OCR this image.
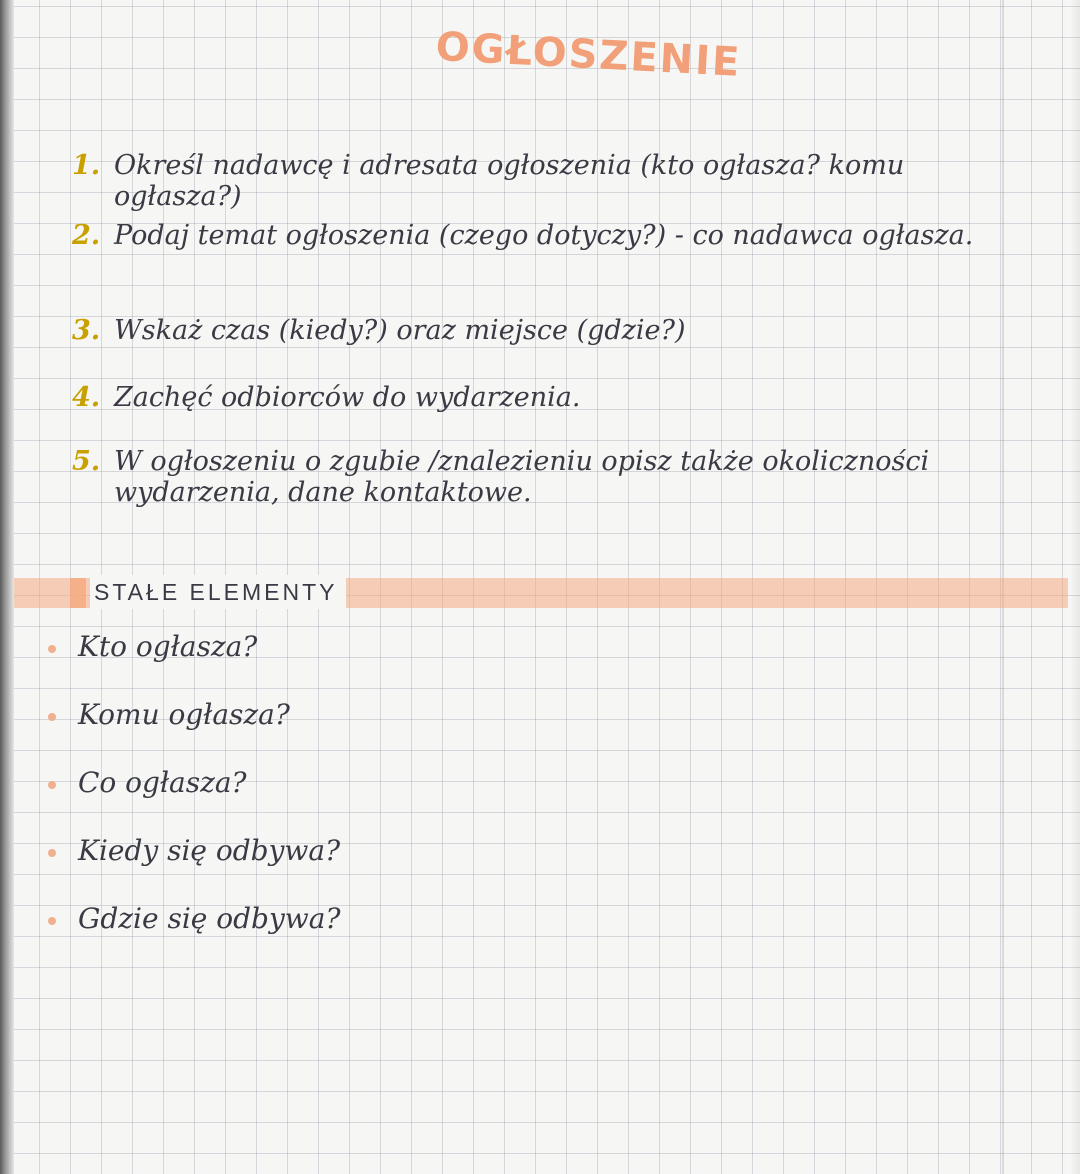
OGŁOSZENIE
1. Określ nadawcę i adresata ogłoszenia (kto ogłasza? komu ogłasza?)
2. Podaj temat ogłoszenia (czego dotyczy?) - co nadawca ogłasza.
3. Wskaż czas (kiedy?) oraz miejsce (gdzie?)
4. Zachęć odbiorców do wydarzenia.
5. W ogłoszeniu o zgubie /znalezieniu opisz także okoliczności wydarzenia, dane kontaktowe.
STAŁE ELEMENTY
Kto ogłasza?
Komu ogłasza?
Co ogłasza?
Kiedy się odbywa?
Gdzie się odbywa?
